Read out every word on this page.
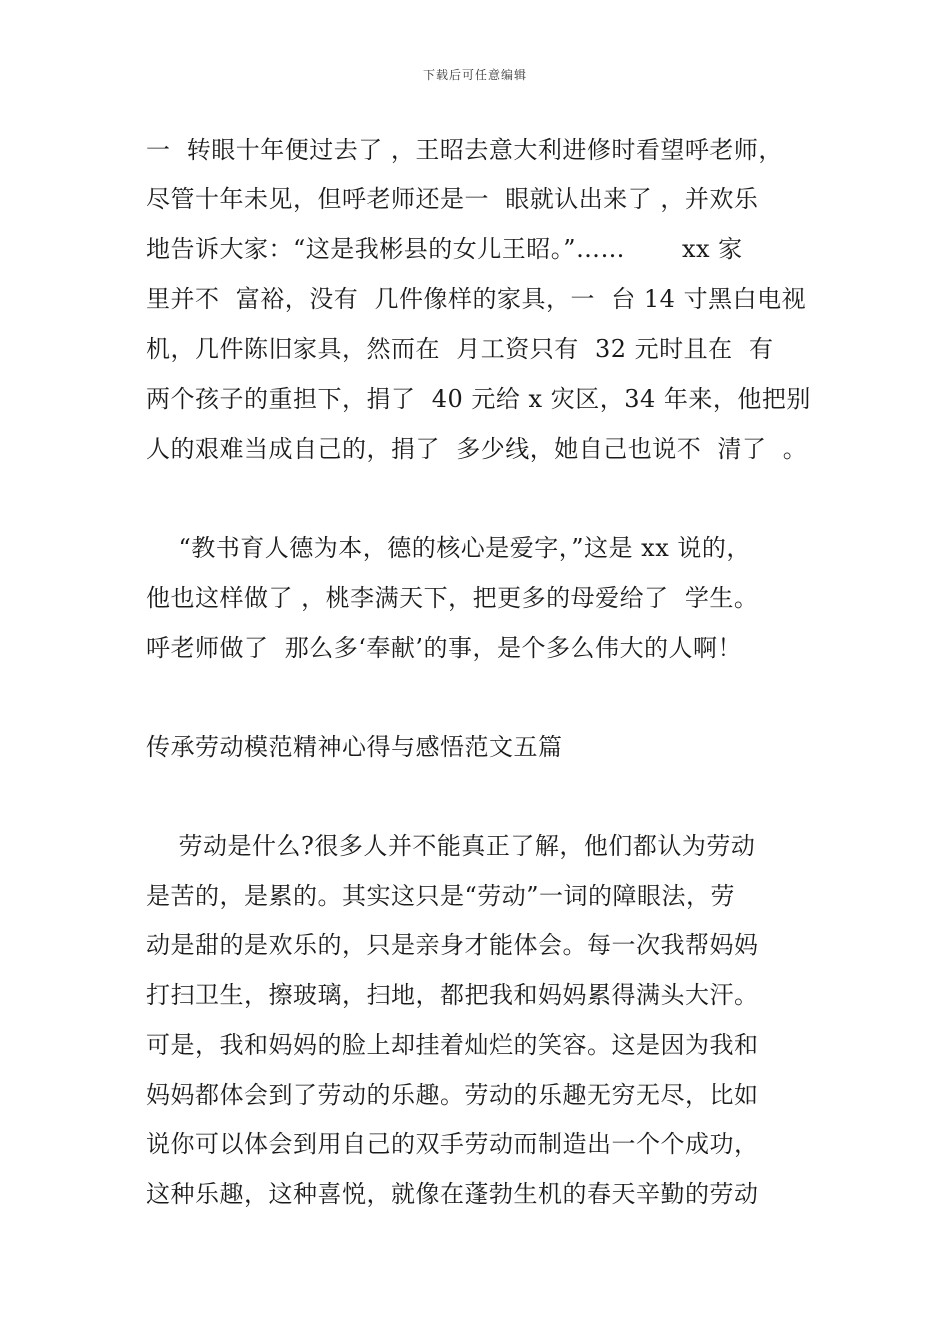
下载后可任意编辑
一  转眼十年便过去了 ，王昭去意大利进修时看望呼老师，
尽管十年未见，但呼老师还是一  眼就认出来了 ，并欢乐
地告诉大家：“这是我彬县的女儿王昭。”……       xx 家
里并不  富裕，没有  几件像样的家具，一  台 14 寸黑白电视
机，几件陈旧家具，然而在  月工资只有  32 元时且在  有
两个孩子的重担下，捐了  40 元给 x 灾区，34 年来，他把别
人的艰难当成自己的，捐了  多少线，她自己也说不  清了  。
“教书育人德为本，德的核心是爱字，”这是 xx 说的，
他也这样做了 ，桃李满天下，把更多的母爱给了  学生。
呼老师做了  那么多‘奉献’的事，是个多么伟大的人啊！
传承劳动模范精神心得与感悟范文五篇
劳动是什么?很多人并不能真正了解，他们都认为劳动
是苦的，是累的。其实这只是“劳动”一词的障眼法，劳
动是甜的是欢乐的，只是亲身才能体会。每一次我帮妈妈
打扫卫生，擦玻璃，扫地，都把我和妈妈累得满头大汗。
可是，我和妈妈的脸上却挂着灿烂的笑容。这是因为我和
妈妈都体会到了劳动的乐趣。劳动的乐趣无穷无尽，比如
说你可以体会到用自己的双手劳动而制造出一个个成功，
这种乐趣，这种喜悦，就像在蓬勃生机的春天辛勤的劳动
